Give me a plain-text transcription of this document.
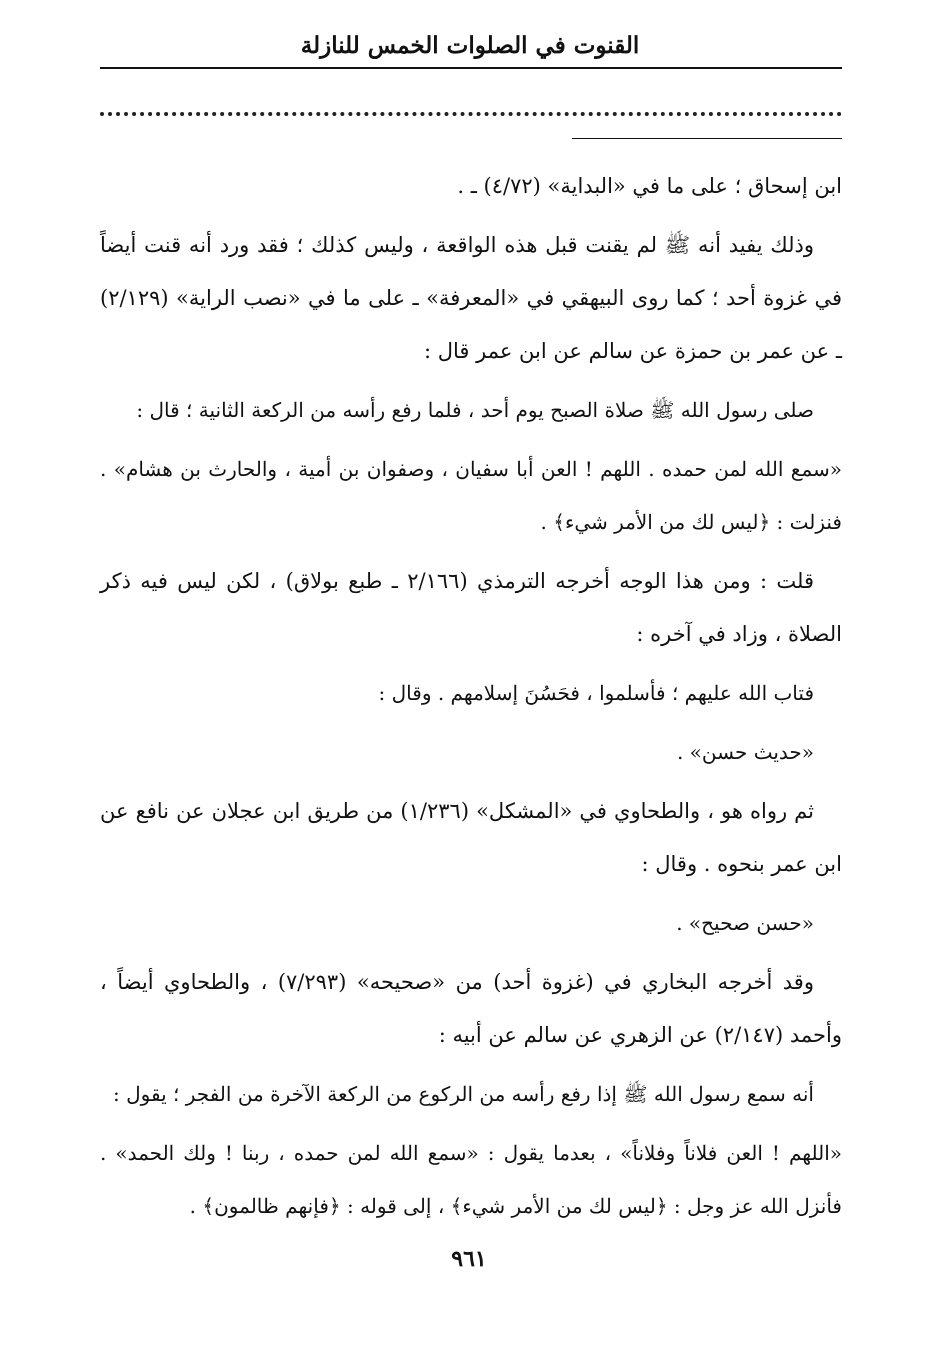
القنوت في الصلوات الخمس للنازلة

ابن إسحاق ؛ على ما في «البداية» (٤/٧٢) ـ .

وذلك يفيد أنه ﷺ لم يقنت قبل هذه الواقعة ، وليس كذلك ؛ فقد ورد أنه قنت أيضاً في غزوة أحد ؛ كما روى البيهقي في «المعرفة» ـ على ما في «نصب الراية» (٢/١٢٩) ـ عن عمر بن حمزة عن سالم عن ابن عمر قال :

صلى رسول الله ﷺ صلاة الصبح يوم أحد ، فلما رفع رأسه من الركعة الثانية ؛ قال :

«سمع الله لمن حمده . اللهم ! العن أبا سفيان ، وصفوان بن أمية ، والحارث بن هشام» . فنزلت : ﴿ليس لك من الأمر شيء﴾ .

قلت : ومن هذا الوجه أخرجه الترمذي (٢/١٦٦ ـ طبع بولاق) ، لكن ليس فيه ذكر الصلاة ، وزاد في آخره :

فتاب الله عليهم ؛ فأسلموا ، فحَسُنَ إسلامهم . وقال :

«حديث حسن» .

ثم رواه هو ، والطحاوي في «المشكل» (١/٢٣٦) من طريق ابن عجلان عن نافع عن ابن عمر بنحوه . وقال :

«حسن صحيح» .

وقد أخرجه البخاري في (غزوة أحد) من «صحيحه» (٧/٢٩٣) ، والطحاوي أيضاً ، وأحمد (٢/١٤٧) عن الزهري عن سالم عن أبيه :

أنه سمع رسول الله ﷺ إذا رفع رأسه من الركوع من الركعة الآخرة من الفجر ؛ يقول :

«اللهم ! العن فلاناً وفلاناً» ، بعدما يقول : «سمع الله لمن حمده ، ربنا ! ولك الحمد» . فأنزل الله عز وجل : ﴿ليس لك من الأمر شيء﴾ ، إلى قوله : ﴿فإنهم ظالمون﴾ .

٩٦١
